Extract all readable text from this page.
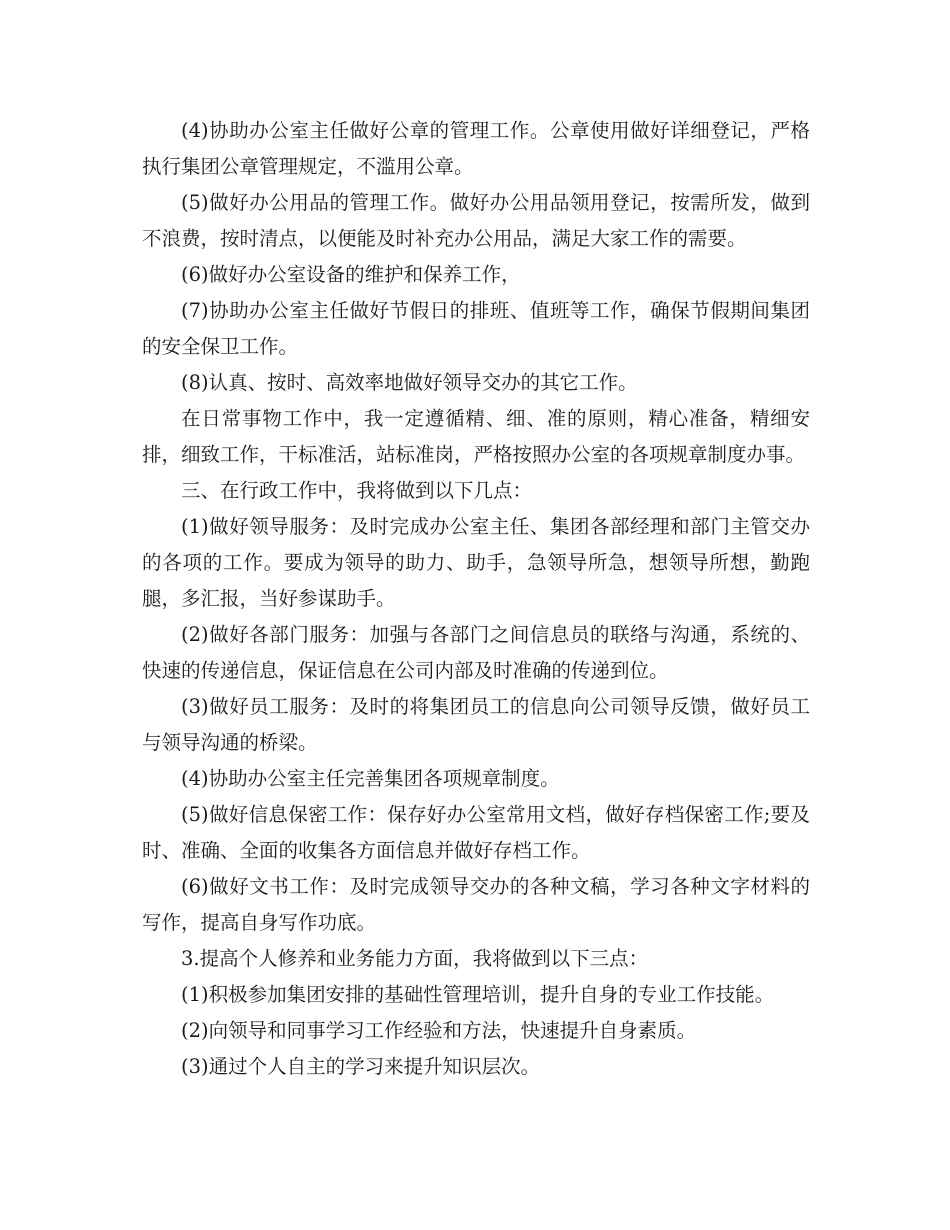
(4)协助办公室主任做好公章的管理工作。公章使用做好详细登记，严格执行集团公章管理规定，不滥用公章。

(5)做好办公用品的管理工作。做好办公用品领用登记，按需所发，做到不浪费，按时清点，以便能及时补充办公用品，满足大家工作的需要。

(6)做好办公室设备的维护和保养工作，

(7)协助办公室主任做好节假日的排班、值班等工作，确保节假期间集团的安全保卫工作。

(8)认真、按时、高效率地做好领导交办的其它工作。

在日常事物工作中，我一定遵循精、细、准的原则，精心准备，精细安排，细致工作，干标准活，站标准岗，严格按照办公室的各项规章制度办事。

三、在行政工作中，我将做到以下几点：

(1)做好领导服务：及时完成办公室主任、集团各部经理和部门主管交办的各项的工作。要成为领导的助力、助手，急领导所急，想领导所想，勤跑腿，多汇报，当好参谋助手。

(2)做好各部门服务：加强与各部门之间信息员的联络与沟通，系统的、快速的传递信息，保证信息在公司内部及时准确的传递到位。

(3)做好员工服务：及时的将集团员工的信息向公司领导反馈，做好员工与领导沟通的桥梁。

(4)协助办公室主任完善集团各项规章制度。

(5)做好信息保密工作：保存好办公室常用文档，做好存档保密工作;要及时、准确、全面的收集各方面信息并做好存档工作。

(6)做好文书工作：及时完成领导交办的各种文稿，学习各种文字材料的写作，提高自身写作功底。

3.提高个人修养和业务能力方面，我将做到以下三点：

(1)积极参加集团安排的基础性管理培训，提升自身的专业工作技能。

(2)向领导和同事学习工作经验和方法，快速提升自身素质。

(3)通过个人自主的学习来提升知识层次。
